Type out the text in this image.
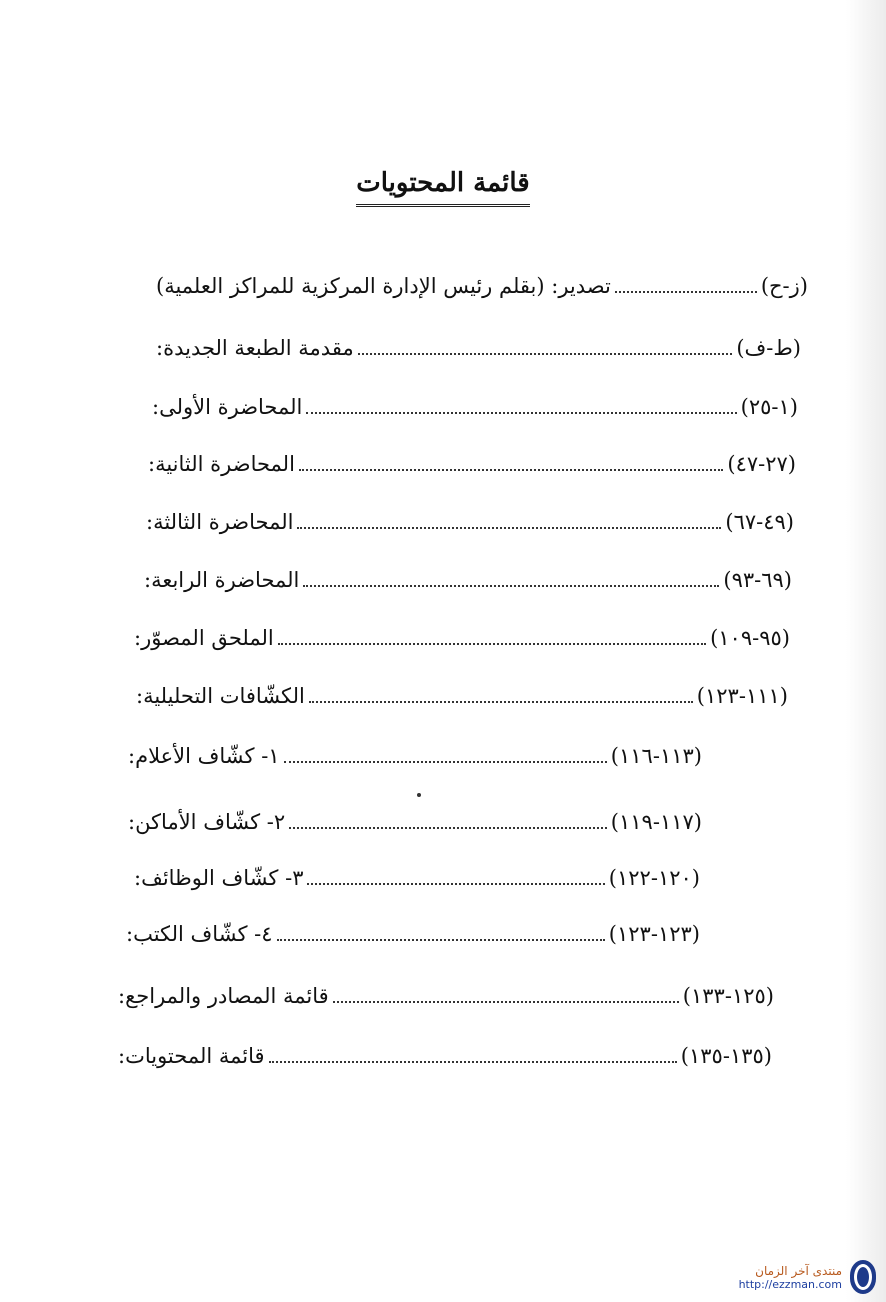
قائمة المحتويات
تصدير: (بقلم رئيس الإدارة المركزية للمراكز العلمية)	(ز-ح)
مقدمة الطبعة الجديدة:	(ط-ف)
المحاضرة الأولى:	(١-٢٥)
المحاضرة الثانية:	(٢٧-٤٧)
المحاضرة الثالثة:	(٤٩-٦٧)
المحاضرة الرابعة:	(٦٩-٩٣)
الملحق المصوّر:	(٩٥-١٠٩)
الكشّافات التحليلية:	(١١١-١٢٣)
١- كشّاف الأعلام:	(١١٣-١١٦)
٢- كشّاف الأماكن:	(١١٧-١١٩)
٣- كشّاف الوظائف:	(١٢٠-١٢٢)
٤- كشّاف الكتب:	(١٢٣-١٢٣)
قائمة المصادر والمراجع:	(١٢٥-١٣٣)
قائمة المحتويات:	(١٣٥-١٣٥)
منتدى آخر الزمان
http://ezzman.com
